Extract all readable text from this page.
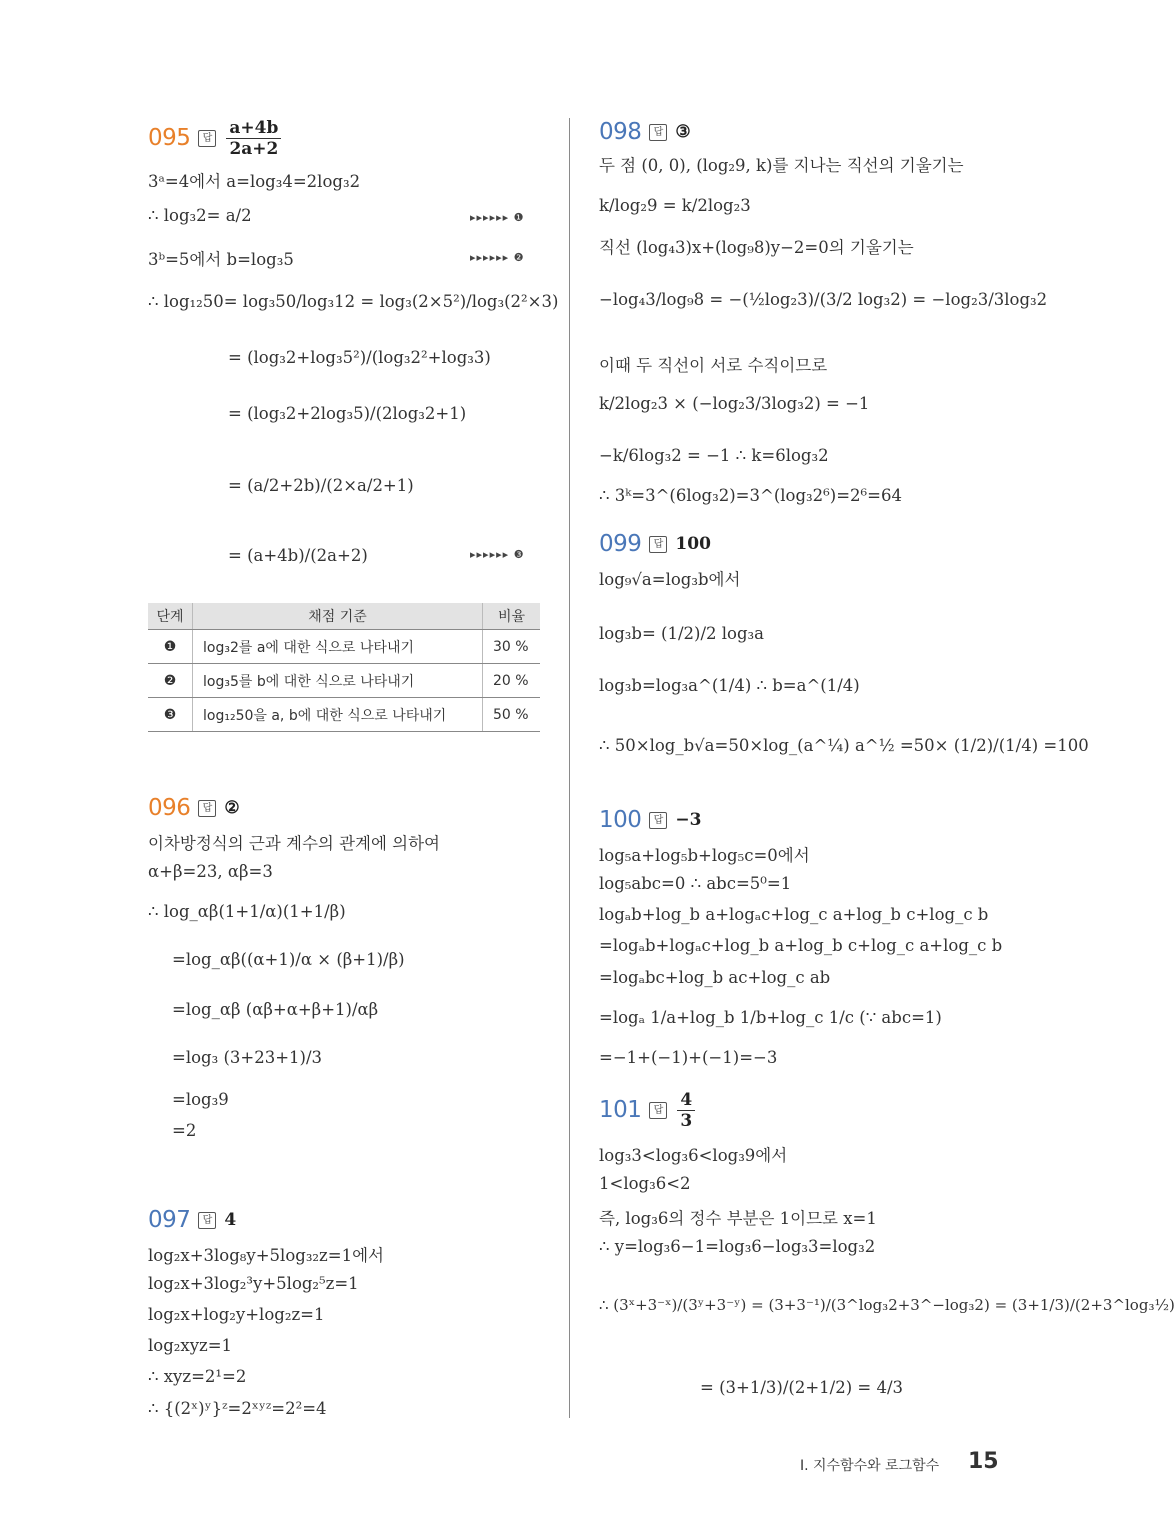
095	답 $\frac{a+4b}{2a+2}$
3ᵃ=4에서 a=log₃4=2log₃2
∴ log₃2= a/2	▸▸▸▸▸▸ ❶
3ᵇ=5에서 b=log₃5	▸▸▸▸▸▸ ❷
∴ log₁₂50= log₃50/log₃12 = log₃(2×5²)/log₃(2²×3)
= (log₃2+log₃5²)/(log₃2²+log₃3)
= (log₃2+2log₃5)/(2log₃2+1)
= (a/2+2b)/(2×a/2+1)
= (a+4b)/(2a+2)	▸▸▸▸▸▸ ❸
단계	채점 기준	비율
❶	log₃2를 a에 대한 식으로 나타내기	30 %
❷	log₃5를 b에 대한 식으로 나타내기	20 %
❸	log₁₂50을 a, b에 대한 식으로 나타내기	50 %
096	답 ②
이차방정식의 근과 계수의 관계에 의하여
α+β=23, αβ=3
∴ log_αβ(1+1/α)(1+1/β)
=log_αβ((α+1)/α × (β+1)/β)
=log_αβ (αβ+α+β+1)/αβ
=log₃ (3+23+1)/3
=log₃9
=2
097	답 4
log₂x+3log₈y+5log₃₂z=1에서
log₂x+3log₂³y+5log₂⁵z=1
log₂x+log₂y+log₂z=1
log₂xyz=1
∴ xyz=2¹=2
∴ {(2ˣ)ʸ}ᶻ=2ˣʸᶻ=2²=4
098	답 ③
두 점 (0, 0), (log₂9, k)를 지나는 직선의 기울기는
k/log₂9 = k/2log₂3
직선 (log₄3)x+(log₉8)y−2=0의 기울기는
−log₄3/log₉8 = −(½log₂3)/(3/2 log₃2) = −log₂3/3log₃2
이때 두 직선이 서로 수직이므로
k/2log₂3 × (−log₂3/3log₃2) = −1
−k/6log₃2 = −1 ∴ k=6log₃2
∴ 3ᵏ=3^(6log₃2)=3^(log₃2⁶)=2⁶=64
099	답 100
log₉√a=log₃b에서
log₃b= (1/2)/2 log₃a
log₃b=log₃a^(1/4) ∴ b=a^(1/4)
∴ 50×log_b√a=50×log_(a^¼) a^½ =50× (1/2)/(1/4) =100
100	답 −3
log₅a+log₅b+log₅c=0에서
log₅abc=0 ∴ abc=5⁰=1
logₐb+log_b a+logₐc+log_c a+log_b c+log_c b
=logₐb+logₐc+log_b a+log_b c+log_c a+log_c b
=logₐbc+log_b ac+log_c ab
=logₐ 1/a+log_b 1/b+log_c 1/c (∵ abc=1)
=−1+(−1)+(−1)=−3
101	답 $\frac{4}{3}$
log₃3<log₃6<log₃9에서
1<log₃6<2
즉, log₃6의 정수 부분은 1이므로 x=1
∴ y=log₃6−1=log₃6−log₃3=log₃2
∴ (3ˣ+3⁻ˣ)/(3ʸ+3⁻ʸ) = (3+3⁻¹)/(3^log₃2+3^−log₃2) = (3+1/3)/(2+3^log₃½)
= (3+1/3)/(2+1/2) = 4/3
I. 지수함수와 로그함수 15
